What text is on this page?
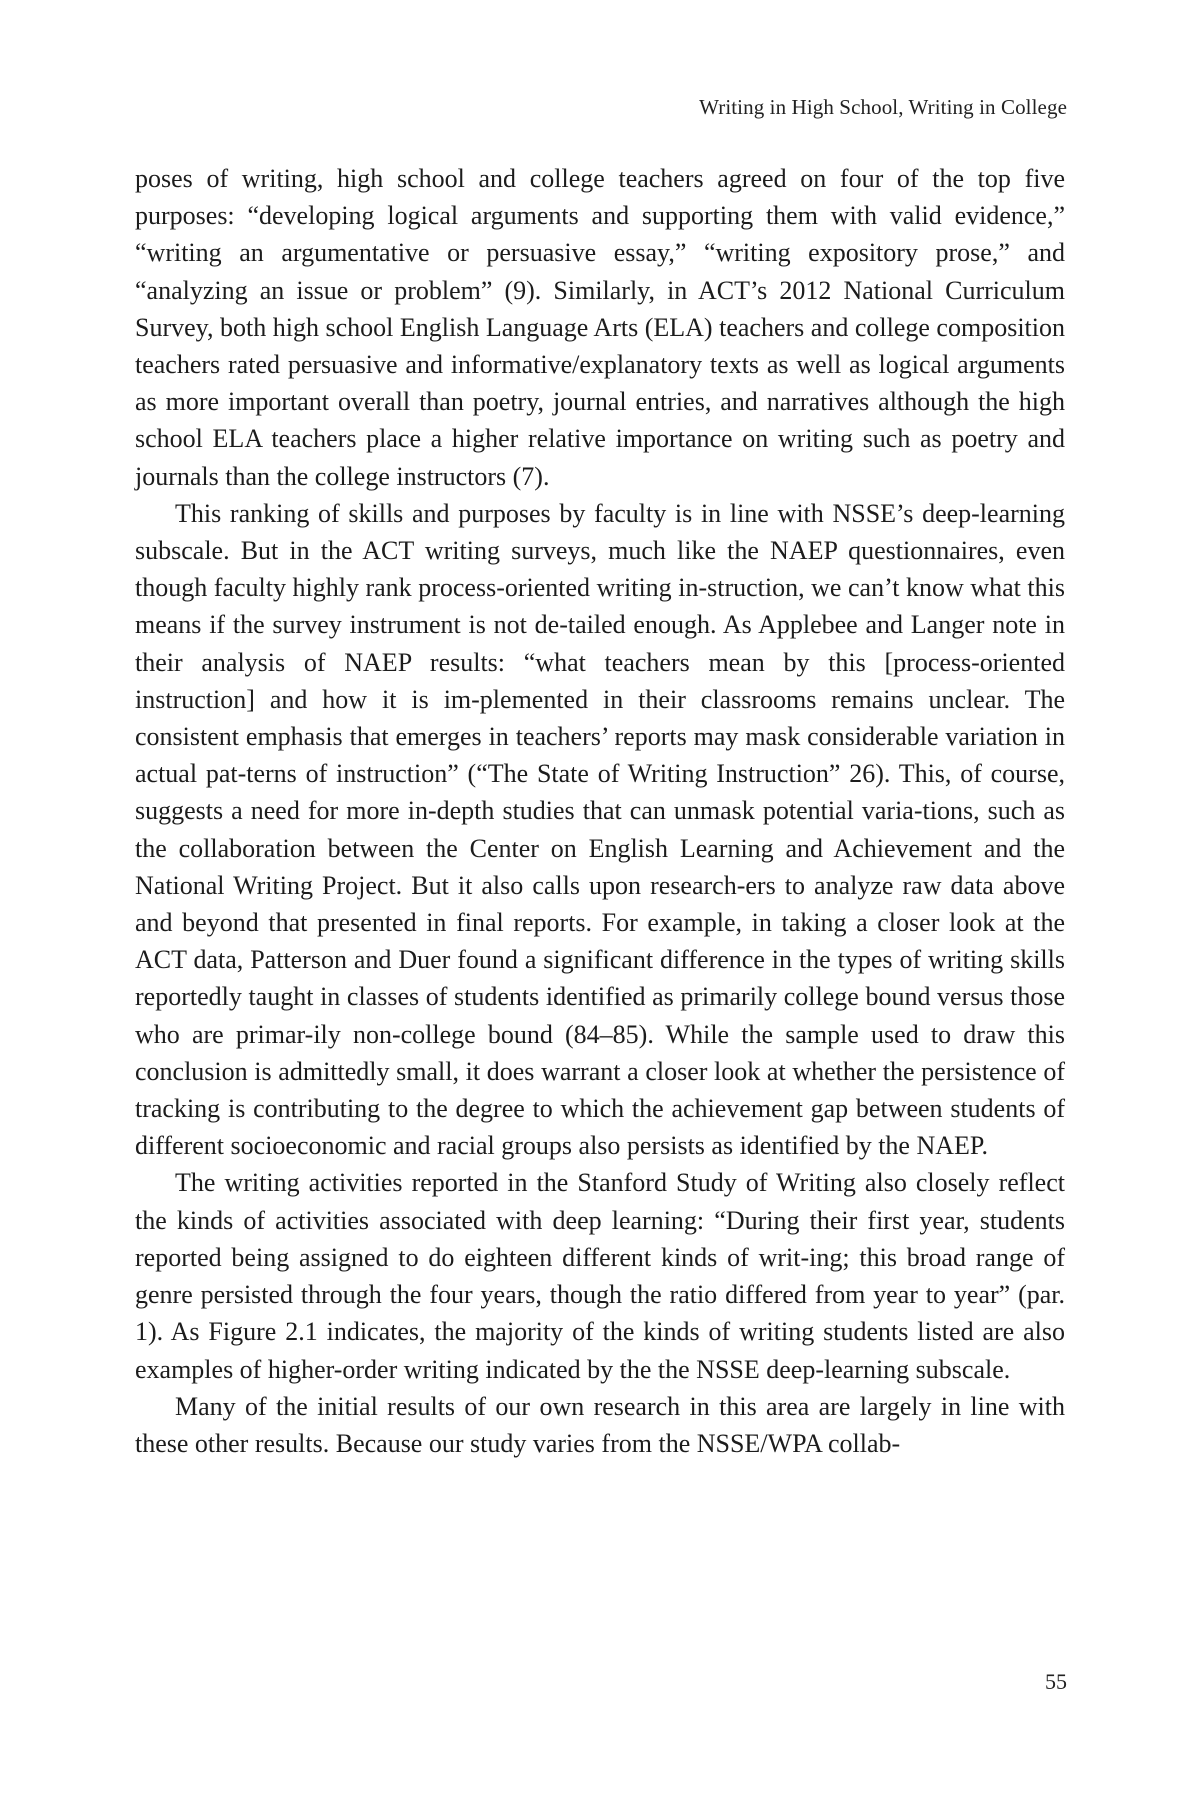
Writing in High School, Writing in College

poses of writing, high school and college teachers agreed on four of the top five purposes: “developing logical arguments and supporting them with valid evidence,” “writing an argumentative or persuasive essay,” “writing expository prose,” and “analyzing an issue or problem” (9). Similarly, in ACT’s 2012 National Curriculum Survey, both high school English Language Arts (ELA) teachers and college composition teachers rated persuasive and informative/explanatory texts as well as logical arguments as more important overall than poetry, journal entries, and narratives although the high school ELA teachers place a higher relative importance on writing such as poetry and journals than the college instructors (7).

This ranking of skills and purposes by faculty is in line with NSSE’s deep-learning subscale. But in the ACT writing surveys, much like the NAEP questionnaires, even though faculty highly rank process-oriented writing in-struction, we can’t know what this means if the survey instrument is not de-tailed enough. As Applebee and Langer note in their analysis of NAEP results: “what teachers mean by this [process-oriented instruction] and how it is im-plemented in their classrooms remains unclear. The consistent emphasis that emerges in teachers’ reports may mask considerable variation in actual pat-terns of instruction” (“The State of Writing Instruction” 26). This, of course, suggests a need for more in-depth studies that can unmask potential varia-tions, such as the collaboration between the Center on English Learning and Achievement and the National Writing Project. But it also calls upon research-ers to analyze raw data above and beyond that presented in final reports. For example, in taking a closer look at the ACT data, Patterson and Duer found a significant difference in the types of writing skills reportedly taught in classes of students identified as primarily college bound versus those who are primar-ily non-college bound (84–85). While the sample used to draw this conclusion is admittedly small, it does warrant a closer look at whether the persistence of tracking is contributing to the degree to which the achievement gap between students of different socioeconomic and racial groups also persists as identified by the NAEP.

The writing activities reported in the Stanford Study of Writing also closely reflect the kinds of activities associated with deep learning: “During their first year, students reported being assigned to do eighteen different kinds of writ-ing; this broad range of genre persisted through the four years, though the ratio differed from year to year” (par. 1). As Figure 2.1 indicates, the majority of the kinds of writing students listed are also examples of higher-order writing indicated by the the NSSE deep-learning subscale.

Many of the initial results of our own research in this area are largely in line with these other results. Because our study varies from the NSSE/WPA collab-

55
